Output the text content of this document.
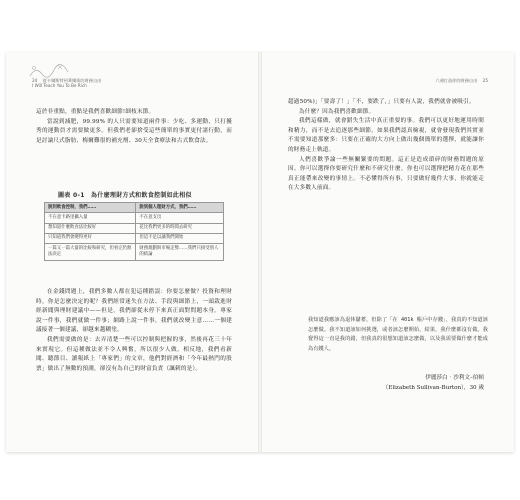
24 從卡爾斯特到華爾街的財務自由
I Will Teach You To Be Rich

這於非重點，重點是我們喜歡細節!細枝末節。

當說到減肥，99.99% 的人只需要知道兩件事：少吃、多運動，只打擾秀的運動員才需要做更多。但我們老卻捨受這些簡單的事實更付諸行動，而是討論尺式脂肪、梅爾難很的補充劑、30天全食療法和古式飲食法。

圖表 0-1　為什麼理財方式和飲食控制如此相似
說到飲食控制，我們……	說到個人理財方式，我們……
不在意卡路里攝入量	不在意支出
想知道什麼飲食法比較好	花比我們更多的時間去研究
只知道我們會變得更好	但這不足以讓我們開始
一篇又一篇大量的比較和研究，但看完仍無法決定	財務規劃與市場走勢……我們只接受別人的結論

在金錢問題上，我們多數人都在犯這種錯誤：你要怎麼做？投資和理財時，你是怎麼決定的呢？我們經常迷失在方法、手段與細節上，一頭栽進財經新聞與理財建議中——但是，我們卻從未停下來真正面對問題本身。專家說一件事，我們就做一件事；網路上說一件事，我們就改變主意……一個建議接著一個建議，卻越來越糊塗。

我們需要做的是：去弄清楚一些可以控制與把握的事，然後再花三十年來實現它。但這種做法並不令人興奮，所以很少人做。相反地，我們看新聞、聽節目、讀報紙上「專家們」的文章，他們對經濟和「今年最熱門的股票」做出了無數的預測，卻沒有為自己的財富負責（諷刺的是）。

六週打造你的財務自由 25

超過50%)」「要壽了！」「不，要跌了，」只要有人說，我們就會被吸引。

為什麼？因為我們喜歡細節。

我們這樣做，就會錯失生活中真正重要的事。我們可以更好地運用時間和精力，而不是去追逐那些細節。如果我們認真檢視，就會發現我們其實並不需要知道那麼多：只要在正確的大方向上做出幾個簡單的選擇，就能讓你的財務走上軌道。

人們喜歡爭論一些無關緊要的問題。這正是造成瑣碎的財務問題的原因。你可以選擇你要研究什麼和不研究什麼。你也可以選擇把精力花在那些真正能帶來改變的事情上。不必懂得所有事，只要做好幾件大事，你就能走在大多數人前面。

我知道我應該為退休儲蓄，但除了「在 401k 帳戶中存錢」，我真的不知道該怎麼做。我不知道該如何挑選，或者該怎麼開始，結果，我什麼都沒有做。我覺得這一直是我的錯，但我真的很想知道該怎麼做，以及我需要做什麼才能成為有錢人。
伊麗莎白‧沙利文–伯頓
（Elizabeth Sullivan-Burton），30 歲
